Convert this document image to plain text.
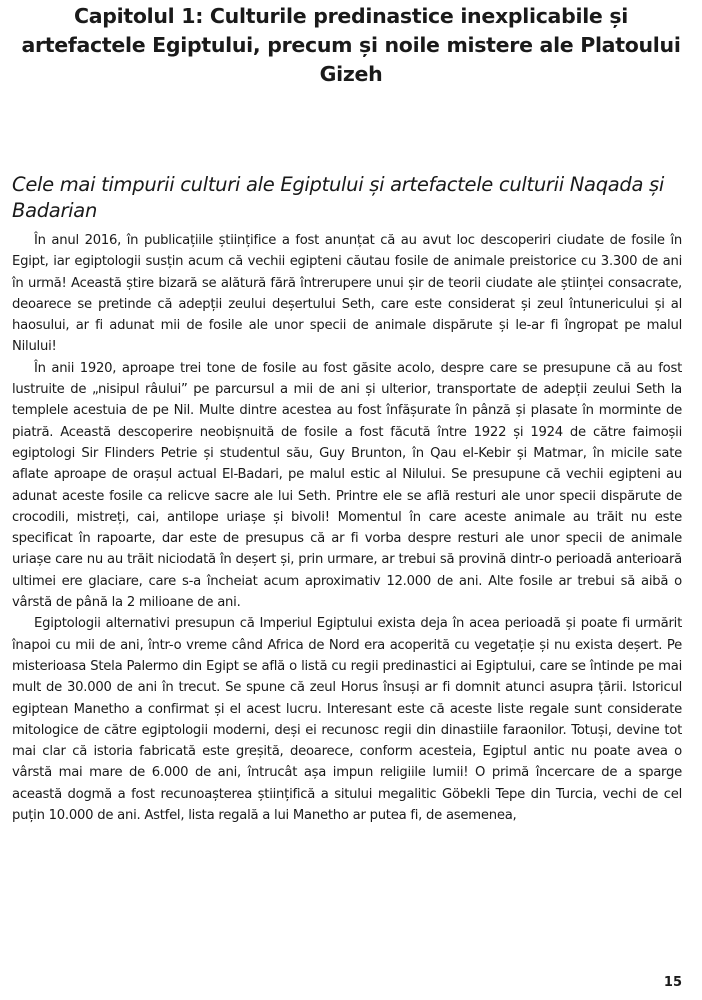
Capitolul 1: Culturile predinastice inexplicabile și artefactele Egiptului, precum și noile mistere ale Platoului Gizeh
Cele mai timpurii culturi ale Egiptului și artefactele culturii Naqada și Badarian

În anul 2016, în publicațiile științifice a fost anunțat că au avut loc descoperiri ciudate de fosile în Egipt, iar egiptologii susțin acum că vechii egipteni căutau fosile de animale preistorice cu 3.300 de ani în urmă! Această știre bizară se alătură fără întrerupere unui șir de teorii ciudate ale științei consacrate, deoarece se pretinde că adepții zeului deșertului Seth, care este considerat și zeul întunericului și al haosului, ar fi adunat mii de fosile ale unor specii de animale dispărute și le-ar fi îngropat pe malul Nilului!

În anii 1920, aproape trei tone de fosile au fost găsite acolo, despre care se presupune că au fost lustruite de „nisipul râului” pe parcursul a mii de ani și ulterior, transportate de adepții zeului Seth la templele acestuia de pe Nil. Multe dintre acestea au fost înfășurate în pânză și plasate în morminte de piatră. Această descoperire neobișnuită de fosile a fost făcută între 1922 și 1924 de către faimoșii egiptologi Sir Flinders Petrie și studentul său, Guy Brunton, în Qau el-Kebir și Matmar, în micile sate aflate aproape de orașul actual El-Badari, pe malul estic al Nilului. Se presupune că vechii egipteni au adunat aceste fosile ca relicve sacre ale lui Seth. Printre ele se află resturi ale unor specii dispărute de crocodili, mistreți, cai, antilope uriașe și bivoli! Momentul în care aceste animale au trăit nu este specificat în rapoarte, dar este de presupus că ar fi vorba despre resturi ale unor specii de animale uriașe care nu au trăit niciodată în deșert și, prin urmare, ar trebui să provină dintr-o perioadă anterioară ultimei ere glaciare, care s-a încheiat acum aproximativ 12.000 de ani. Alte fosile ar trebui să aibă o vârstă de până la 2 milioane de ani.

Egiptologii alternativi presupun că Imperiul Egiptului exista deja în acea perioadă și poate fi urmărit înapoi cu mii de ani, într-o vreme când Africa de Nord era acoperită cu vegetație și nu exista deșert. Pe misterioasa Stela Palermo din Egipt se află o listă cu regii predinastici ai Egiptului, care se întinde pe mai mult de 30.000 de ani în trecut. Se spune că zeul Horus însuși ar fi domnit atunci asupra țării. Istoricul egiptean Manetho a confirmat și el acest lucru. Interesant este că aceste liste regale sunt considerate mitologice de către egiptologii moderni, deși ei recunosc regii din dinastiile faraonilor. Totuși, devine tot mai clar că istoria fabricată este greșită, deoarece, conform acesteia, Egiptul antic nu poate avea o vârstă mai mare de 6.000 de ani, întrucât așa impun religiile lumii! O primă încercare de a sparge această dogmă a fost recunoașterea științifică a sitului megalitic Göbekli Tepe din Turcia, vechi de cel puțin 10.000 de ani. Astfel, lista regală a lui Manetho ar putea fi, de asemenea,

15
